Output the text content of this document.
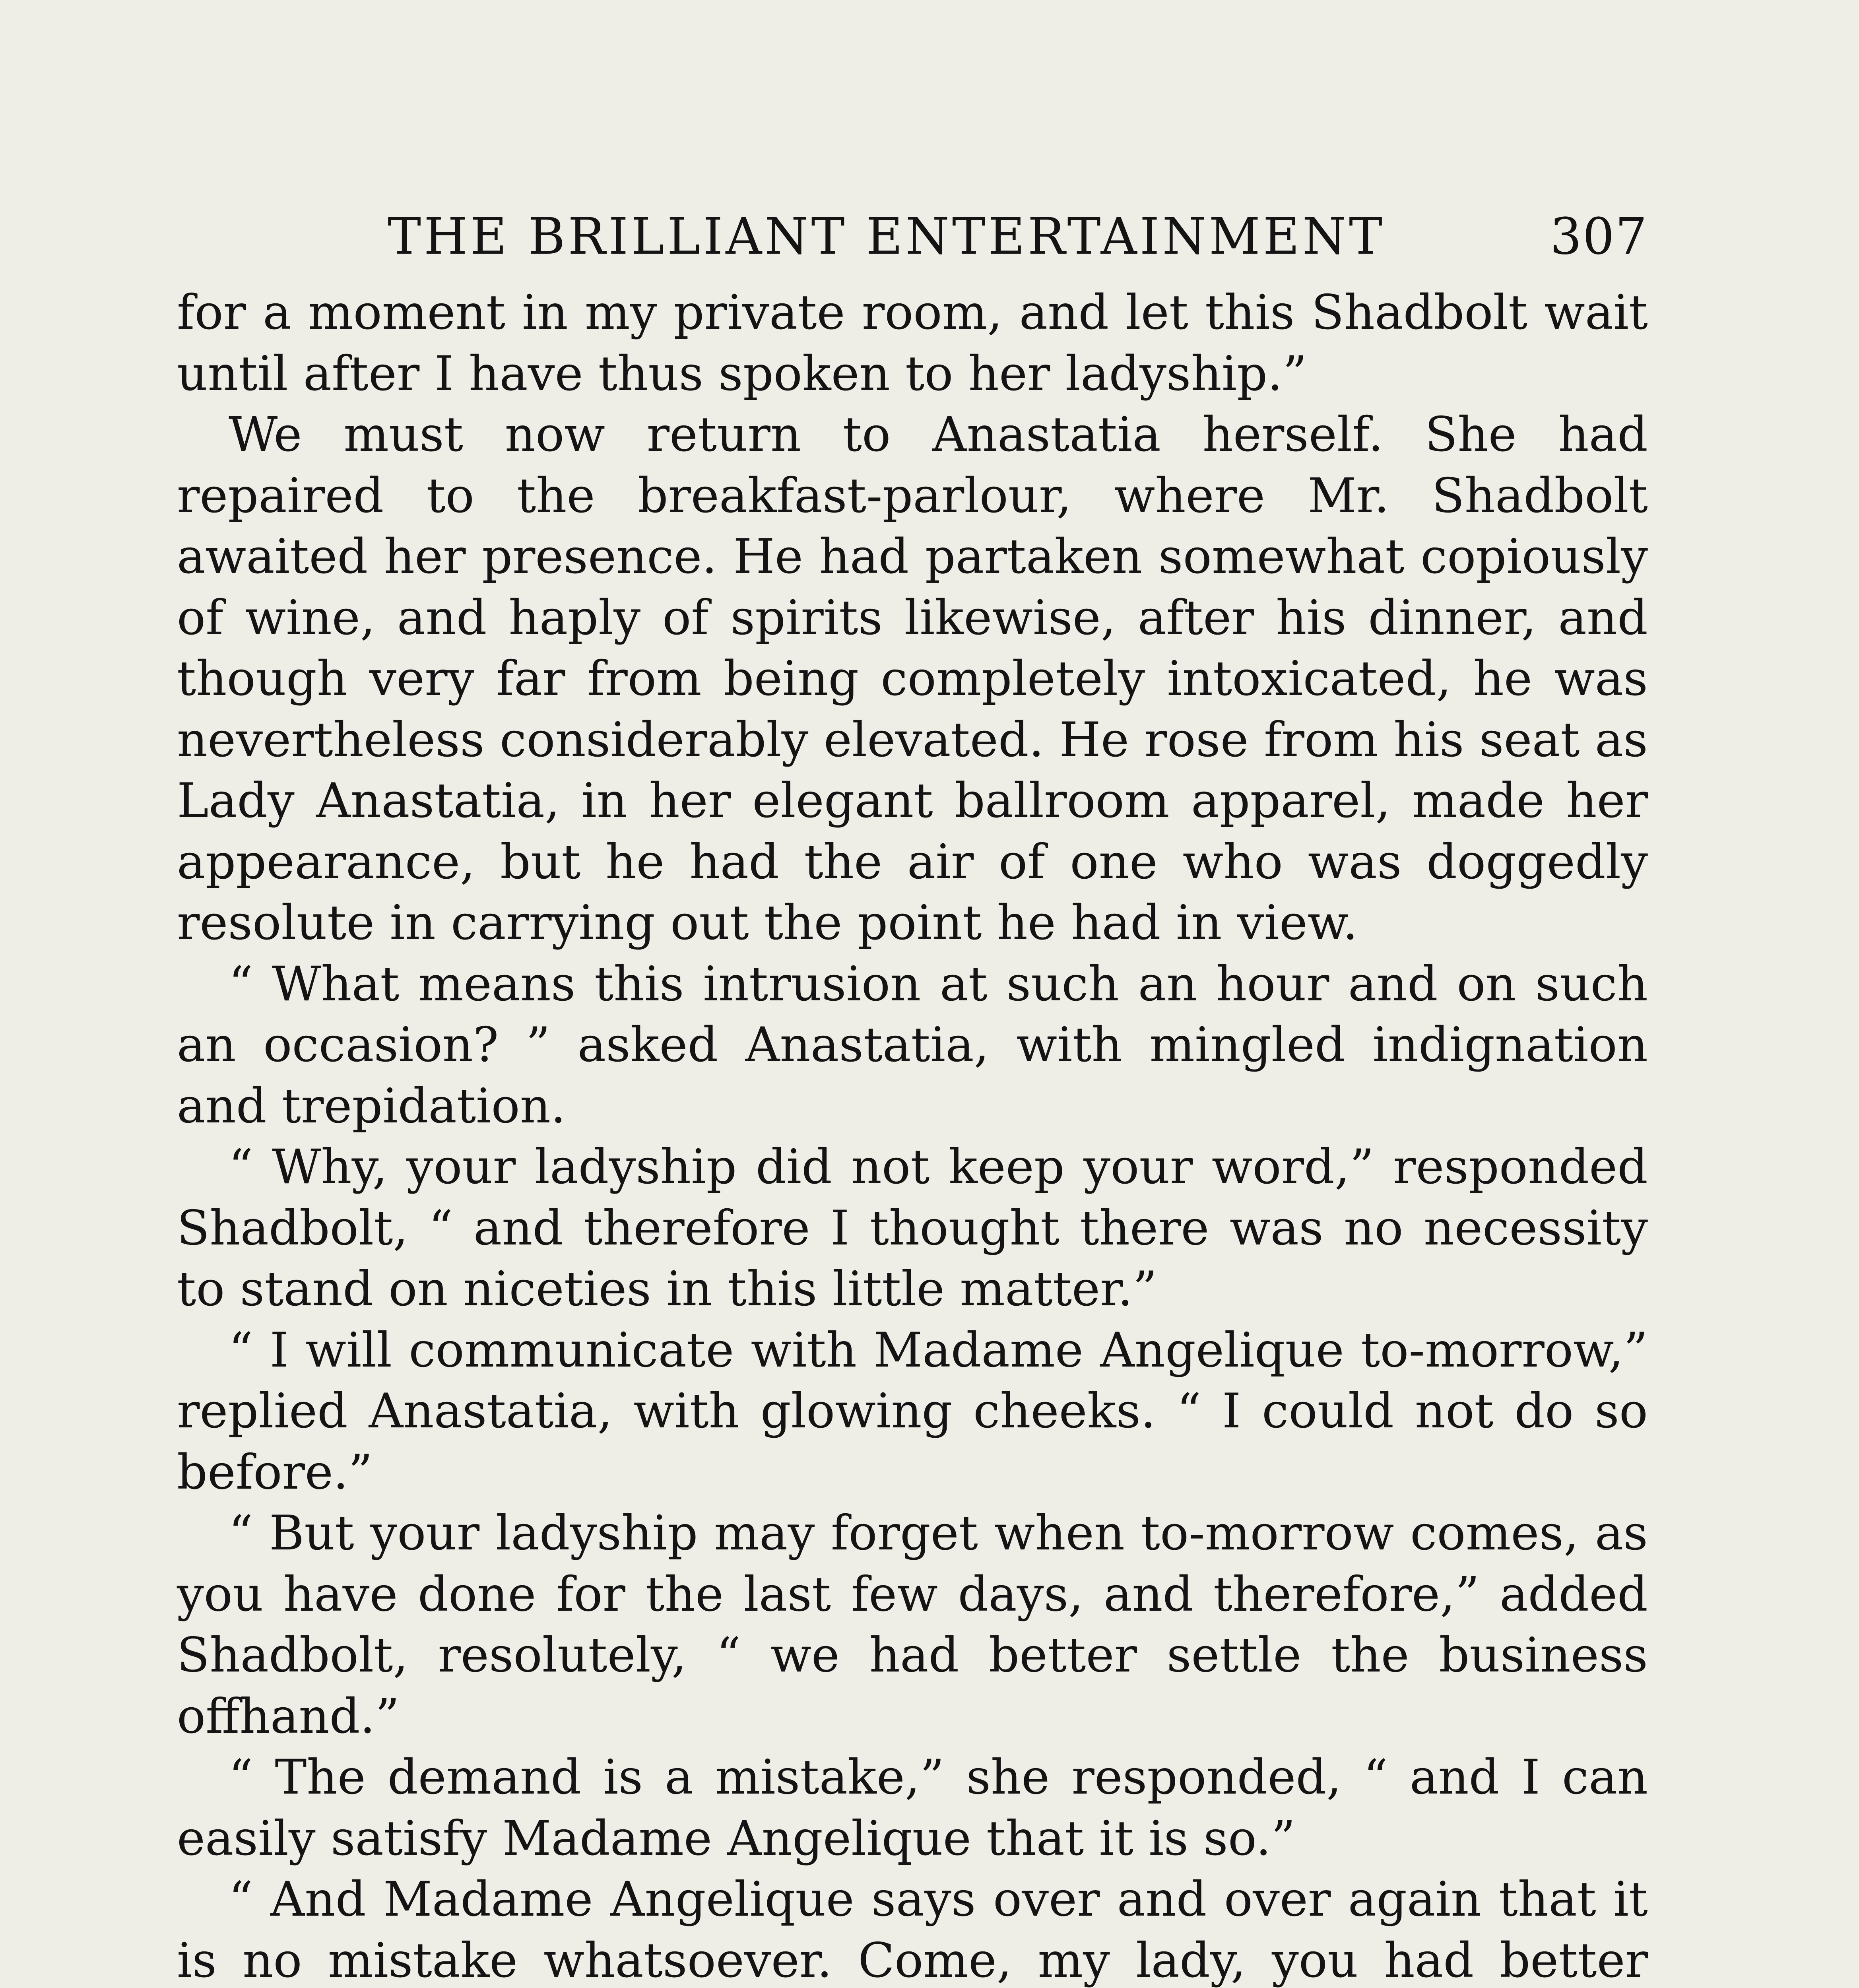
THE BRILLIANT ENTERTAINMENT	307

for a moment in my private room, and let this Shadbolt wait until after I have thus spoken to her ladyship.”

We must now return to Anastatia herself. She had repaired to the breakfast-parlour, where Mr. Shadbolt awaited her presence. He had partaken somewhat copiously of wine, and haply of spirits likewise, after his dinner, and though very far from being completely intoxicated, he was nevertheless considerably elevated. He rose from his seat as Lady Anastatia, in her elegant ballroom apparel, made her appearance, but he had the air of one who was doggedly resolute in carrying out the point he had in view.

“ What means this intrusion at such an hour and on such an occasion? ” asked Anastatia, with mingled indignation and trepidation.

“ Why, your ladyship did not keep your word,” responded Shadbolt, “ and therefore I thought there was no necessity to stand on niceties in this little matter.”

“ I will communicate with Madame Angelique to-morrow,” replied Anastatia, with glowing cheeks. “ I could not do so before.”

“ But your ladyship may forget when to-morrow comes, as you have done for the last few days, and therefore,” added Shadbolt, resolutely, “ we had better settle the business offhand.”

“ The demand is a mistake,” she responded, “ and I can easily satisfy Madame Angelique that it is so.”

“ And Madame Angelique says over and over again that it is no mistake whatsoever. Come, my lady, you had better
